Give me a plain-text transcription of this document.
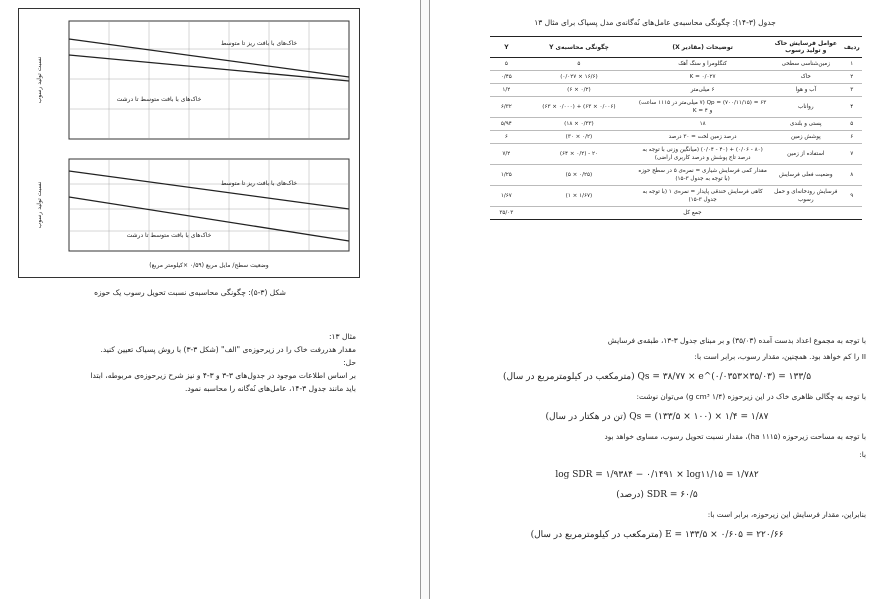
خاک‌های با بافت ریز تا متوسط
خاک‌های با بافت متوسط تا درشت
نسبت تولید رسوب
خاک‌های با بافت ریز تا متوسط
خاک‌های با بافت متوسط تا درشت
نسبت تولید رسوب
وضعیت سطح/ مایل مربع (۰/۵۹ ×کیلومتر مربع)
شکل (۳-۵): چگونگی محاسبه‌ی نسبت تحویل رسوب یک حوزه
مثال ۱۳:
مقدار هدررفت خاک را در زیرحوزه‌ی "الف" (شکل ۳-۳) با روش پسیاک تعیین کنید.
حل:
بر اساس اطلاعات موجود در جدول‌های ۳-۳ و ۳-۴ و نیز شرح زیرحوزه‌ی مربوطه، ابتدا
باید مانند جدول ۳-۱۴، عامل‌های نُه‌گانه را محاسبه نمود.
جدول (۳-۱۴): چگونگی محاسبه‌ی عامل‌های نُه‌گانه‌ی مدل پسیاک برای مثال ۱۳
ردیف	عوامل فرسایش خاک و تولید رسوب	توضیحات (مقادیر X)	چگونگی محاسبه‌ی Y	Y
۱	زمین‌شناسی سطحی	کنگلومرا و سنگ آهک	۵	۵
۲	خاک	K = ۰/۰۲۷	(۱۶/۶ × ۰/۰۲۷)	۰/۴۵
۳	آب و هوا	۶ میلی‌متر	(۰/۲ × ۶)	۱/۲
۴	رواناب	Qp = (۷۰۰/۱۱/۱۵) = ۶۳ (۷ میلی‌متر در ۱۱۱۵ ساعت) و K = ۴	(۰/۰۰۶ × ۶۳) + (۰/۰۰۰ × ۶۳)	۶/۳۲
۵	پستی و بلندی	۱۸	(۰/۳۳ × ۱۸)	۵/۹۴
۶	پوشش زمین	درصد زمین لخت = ۳۰ درصد	(۰/۲ × ۳۰)	۶
۷	استفاده از زمین	(۸۰ - ۰/۰۶) + (۴۰ - ۰/۰۴) (میانگین وزنی با توجه به درصد تاج پوشش و درصد کاربری اراضی)	۲۰ - (۰/۲ × ۶۴)	۷/۲
۸	وضعیت فعلی فرسایش	مقدار کمی فرسایش شیاری = نمره‌ی ۵ در سطح حوزه (با توجه به جدول ۳-۱۵)	(۰/۲۵ × ۵)	۱/۲۵
۹	فرسایش رودخانه‌ای و حمل رسوب	کاهی فرسایش خندقی پایدار = نمره‌ی ۱ (با توجه به جدول ۳-۱۵)	(۱/۶۷ × ۱)	۱/۶۷
جمع کل				۳۵/۰۳
با توجه به مجموع اعداد بدست آمده (۳۵/۰۳) و بر مبنای جدول ۳-۱۳، طبقه‌ی فرسایش
II را کم خواهد بود. همچنین، مقدار رسوب، برابر است با:
Qs = ۳۸/۷۷ × e^(۰/۰۳۵۳×۳۵/۰۳) = ۱۳۳/۵ (مترمکعب در کیلومترمربع در سال)
با توجه به چگالی ظاهری خاک در این زیرحوزه (۱/۴ g cm³) می‌توان نوشت:
Qs = (۱۳۳/۵ × ۱۰۰) × ۱/۴ = ۱/۸۷ (تن در هکتار در سال)
با توجه به مساحت زیرحوزه (۱۱۱۵ ha)، مقدار نسبت تحویل رسوب، مساوی خواهد بود
با:
log SDR = ۱/۹۳۸۴ − ۰/۱۴۹۱ × log۱۱/۱۵ = ۱/۷۸۲
SDR = ۶۰/۵ (درصد)
بنابراین، مقدار فرسایش این زیرحوزه، برابر است با:
E = ۱۳۳/۵ × ۰/۶۰۵ = ۲۲۰/۶۶ (مترمکعب در کیلومترمربع در سال)
